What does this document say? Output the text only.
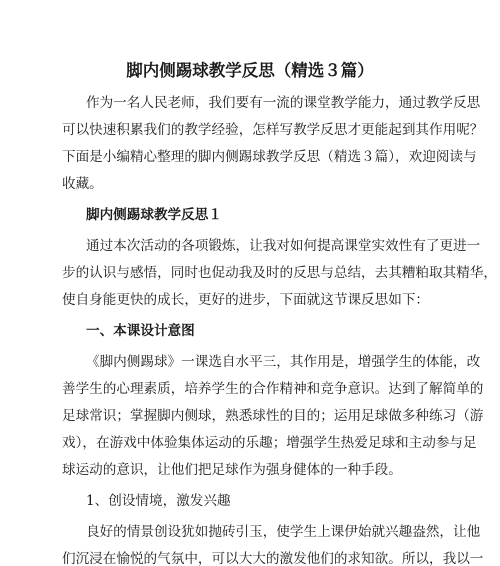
脚内侧踢球教学反思（精选３篇）
作为一名人民老师，我们要有一流的课堂教学能力，通过教学反思
可以快速积累我们的教学经验，怎样写教学反思才更能起到其作用呢？
下面是小编精心整理的脚内侧踢球教学反思（精选３篇），欢迎阅读与
收藏。
脚内侧踢球教学反思１
通过本次活动的各项锻炼，让我对如何提高课堂实效性有了更进一
步的认识与感悟，同时也促动我及时的反思与总结，去其糟粕取其精华，
使自身能更快的成长，更好的进步，下面就这节课反思如下：
一、本课设计意图
《脚内侧踢球》一课选自水平三，其作用是，增强学生的体能，改
善学生的心理素质，培养学生的合作精神和竞争意识。达到了解简单的
足球常识；掌握脚内侧球，熟悉球性的目的；运用足球做多种练习（游
戏），在游戏中体验集体运动的乐趣；增强学生热爱足球和主动参与足
球运动的意识，让他们把足球作为强身健体的一种手段。
1、创设情境，激发兴趣
良好的情景创设犹如抛砖引玉，使学生上课伊始就兴趣盎然，让他
们沉浸在愉悦的气氛中，可以大大的激发他们的求知欲。所以，我以一
